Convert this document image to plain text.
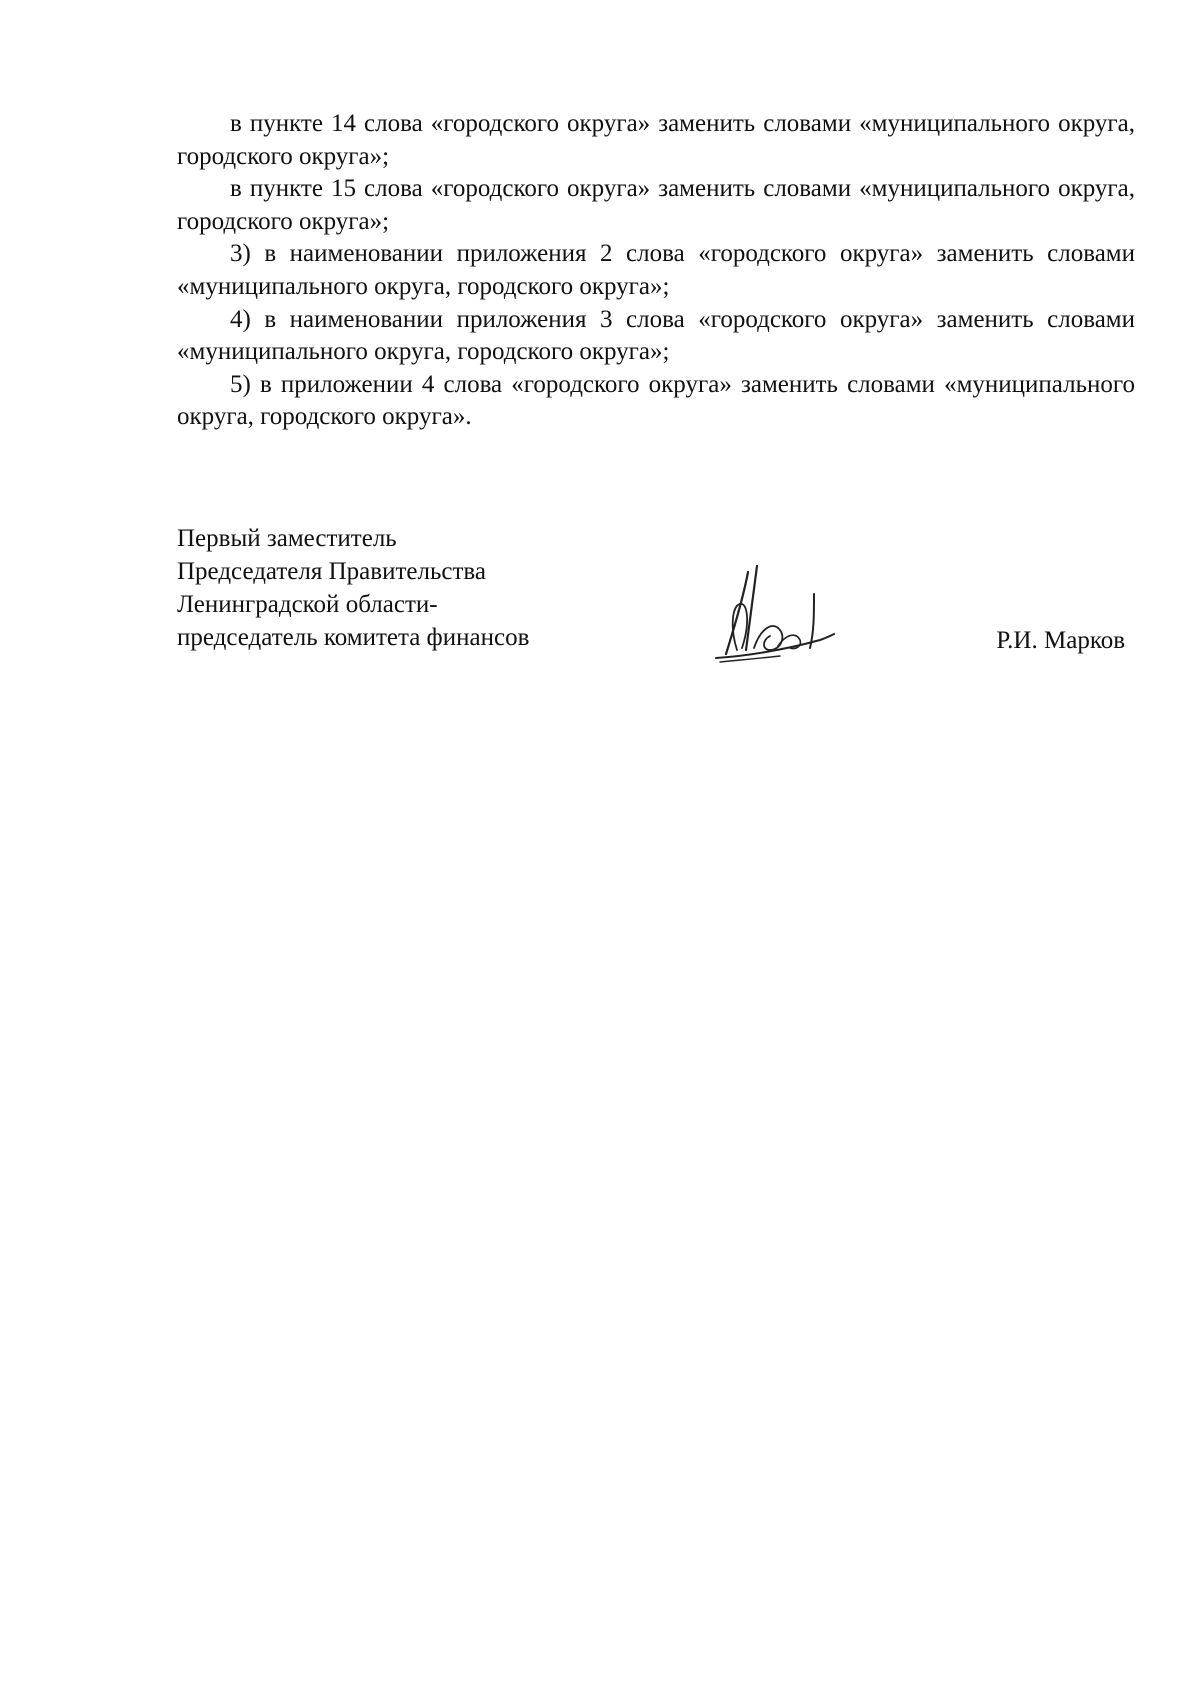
в пункте 14 слова «городского округа» заменить словами «муниципального округа, городского округа»;

в пункте 15 слова «городского округа» заменить словами «муниципального округа, городского округа»;

3) в наименовании приложения 2 слова «городского округа» заменить словами «муниципального округа, городского округа»;

4) в наименовании приложения 3 слова «городского округа» заменить словами «муниципального округа, городского округа»;

5) в приложении 4 слова «городского округа» заменить словами «муниципального округа, городского округа».

Первый заместитель
Председателя Правительства
Ленинградской области-
председатель комитета финансов	Р.И. Марков
